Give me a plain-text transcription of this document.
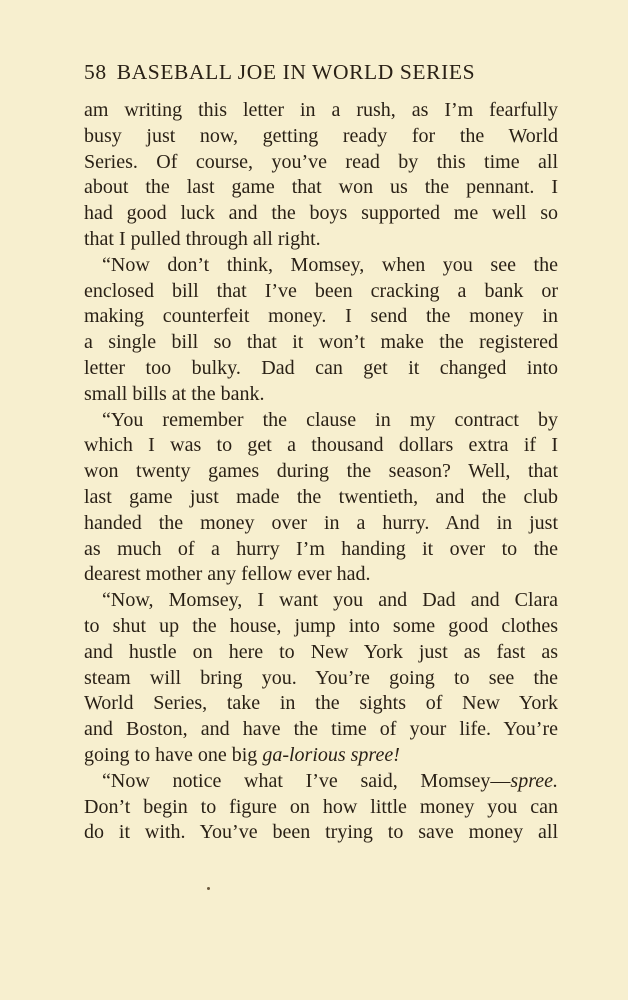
58 BASEBALL JOE IN WORLD SERIES
am writing this letter in a rush, as I’m fearfully
busy just now, getting ready for the World
Series. Of course, you’ve read by this time all
about the last game that won us the pennant. I
had good luck and the boys supported me well so
that I pulled through all right.
“Now don’t think, Momsey, when you see the
enclosed bill that I’ve been cracking a bank or
making counterfeit money. I send the money in
a single bill so that it won’t make the registered
letter too bulky. Dad can get it changed into
small bills at the bank.
“You remember the clause in my contract by
which I was to get a thousand dollars extra if I
won twenty games during the season? Well, that
last game just made the twentieth, and the club
handed the money over in a hurry. And in just
as much of a hurry I’m handing it over to the
dearest mother any fellow ever had.
“Now, Momsey, I want you and Dad and Clara
to shut up the house, jump into some good clothes
and hustle on here to New York just as fast as
steam will bring you. You’re going to see the
World Series, take in the sights of New York
and Boston, and have the time of your life. You’re
going to have one big ga-lorious spree!
“Now notice what I’ve said, Momsey—spree.
Don’t begin to figure on how little money you can
do it with. You’ve been trying to save money all
